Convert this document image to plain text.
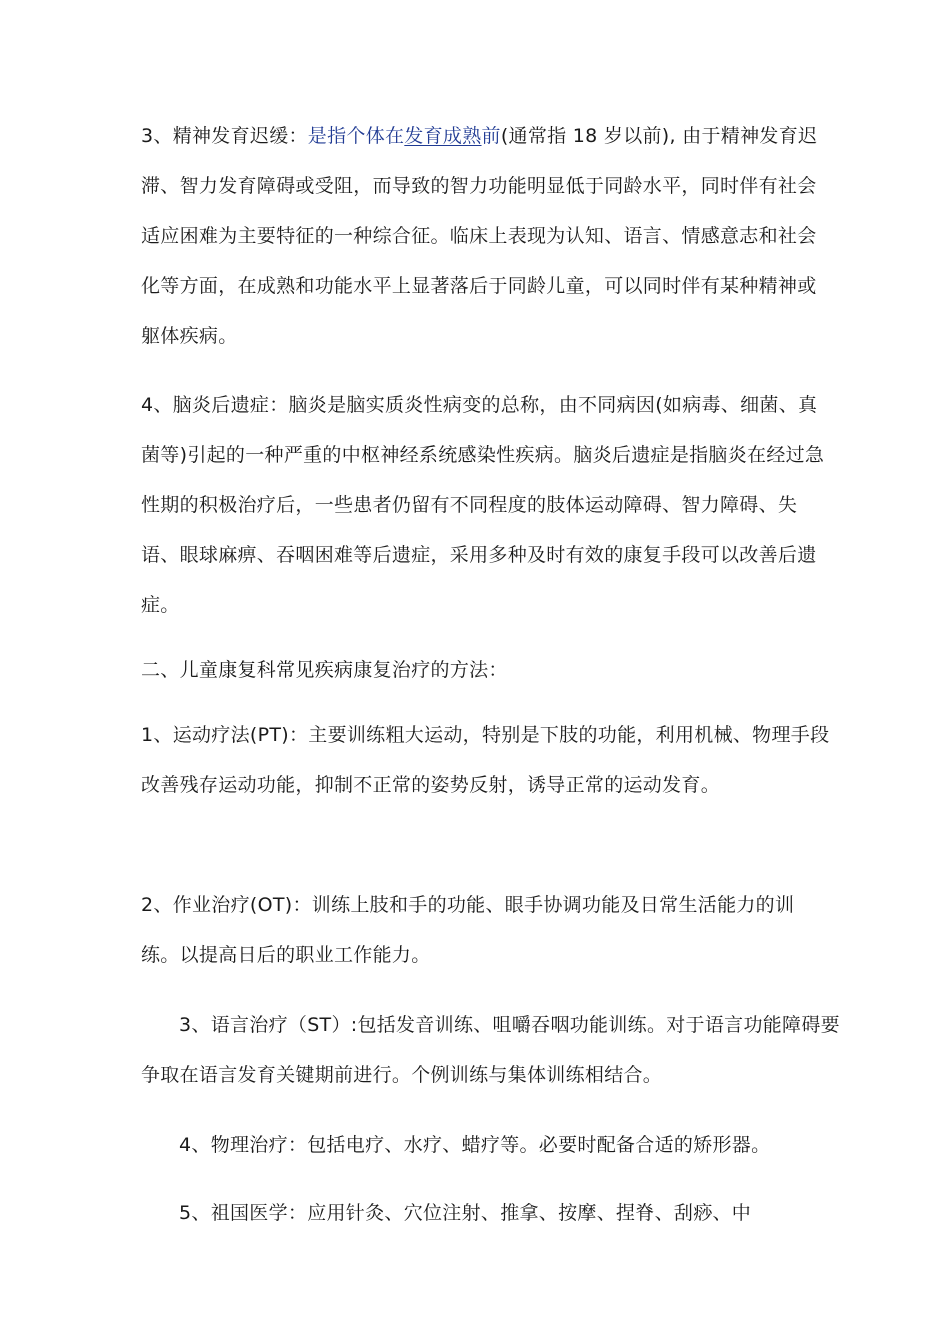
3、精神发育迟缓：是指个体在发育成熟前(通常指 18 岁以前), 由于精神发育迟滞、智力发育障碍或受阻，而导致的智力功能明显低于同龄水平，同时伴有社会适应困难为主要特征的一种综合征。临床上表现为认知、语言、情感意志和社会化等方面，在成熟和功能水平上显著落后于同龄儿童，可以同时伴有某种精神或躯体疾病。

4、脑炎后遗症：脑炎是脑实质炎性病变的总称，由不同病因(如病毒、细菌、真菌等)引起的一种严重的中枢神经系统感染性疾病。脑炎后遗症是指脑炎在经过急性期的积极治疗后，一些患者仍留有不同程度的肢体运动障碍、智力障碍、失语、眼球麻痹、吞咽困难等后遗症，采用多种及时有效的康复手段可以改善后遗症。

二、儿童康复科常见疾病康复治疗的方法：

1、运动疗法(PT)：主要训练粗大运动，特别是下肢的功能，利用机械、物理手段改善残存运动功能，抑制不正常的姿势反射，诱导正常的运动发育。

2、作业治疗(OT)：训练上肢和手的功能、眼手协调功能及日常生活能力的训练。以提高日后的职业工作能力。

3、语言治疗（ST）:包括发音训练、咀嚼吞咽功能训练。对于语言功能障碍要争取在语言发育关键期前进行。个例训练与集体训练相结合。

4、物理治疗：包括电疗、水疗、蜡疗等。必要时配备合适的矫形器。

5、祖国医学：应用针灸、穴位注射、推拿、按摩、捏脊、刮痧、中
